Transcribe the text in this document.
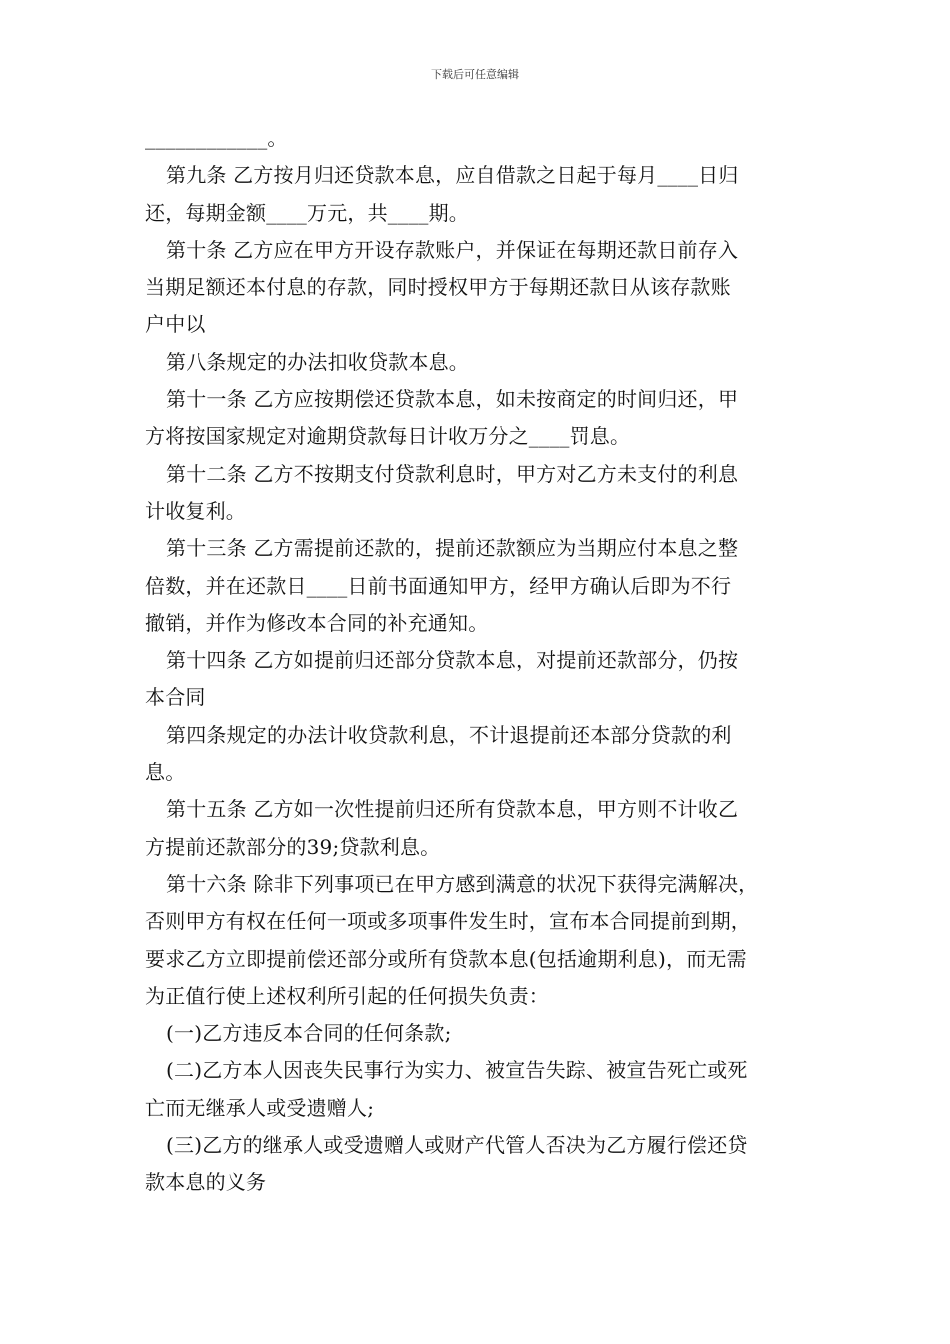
下载后可任意编辑
____________。
第九条 乙方按月归还贷款本息，应自借款之日起于每月____日归
还，每期金额____万元，共____期。
第十条 乙方应在甲方开设存款账户，并保证在每期还款日前存入
当期足额还本付息的存款，同时授权甲方于每期还款日从该存款账
户中以
第八条规定的办法扣收贷款本息。
第十一条 乙方应按期偿还贷款本息，如未按商定的时间归还，甲
方将按国家规定对逾期贷款每日计收万分之____罚息。
第十二条 乙方不按期支付贷款利息时，甲方对乙方未支付的利息
计收复利。
第十三条 乙方需提前还款的，提前还款额应为当期应付本息之整
倍数，并在还款日____日前书面通知甲方，经甲方确认后即为不行
撤销，并作为修改本合同的补充通知。
第十四条 乙方如提前归还部分贷款本息，对提前还款部分，仍按
本合同
第四条规定的办法计收贷款利息，不计退提前还本部分贷款的利
息。
第十五条 乙方如一次性提前归还所有贷款本息，甲方则不计收乙
方提前还款部分的39;贷款利息。
第十六条 除非下列事项已在甲方感到满意的状况下获得完满解决，
否则甲方有权在任何一项或多项事件发生时，宣布本合同提前到期，
要求乙方立即提前偿还部分或所有贷款本息(包括逾期利息)，而无需
为正值行使上述权利所引起的任何损失负责：
(一)乙方违反本合同的任何条款;
(二)乙方本人因丧失民事行为实力、被宣告失踪、被宣告死亡或死
亡而无继承人或受遗赠人;
(三)乙方的继承人或受遗赠人或财产代管人否决为乙方履行偿还贷
款本息的义务
